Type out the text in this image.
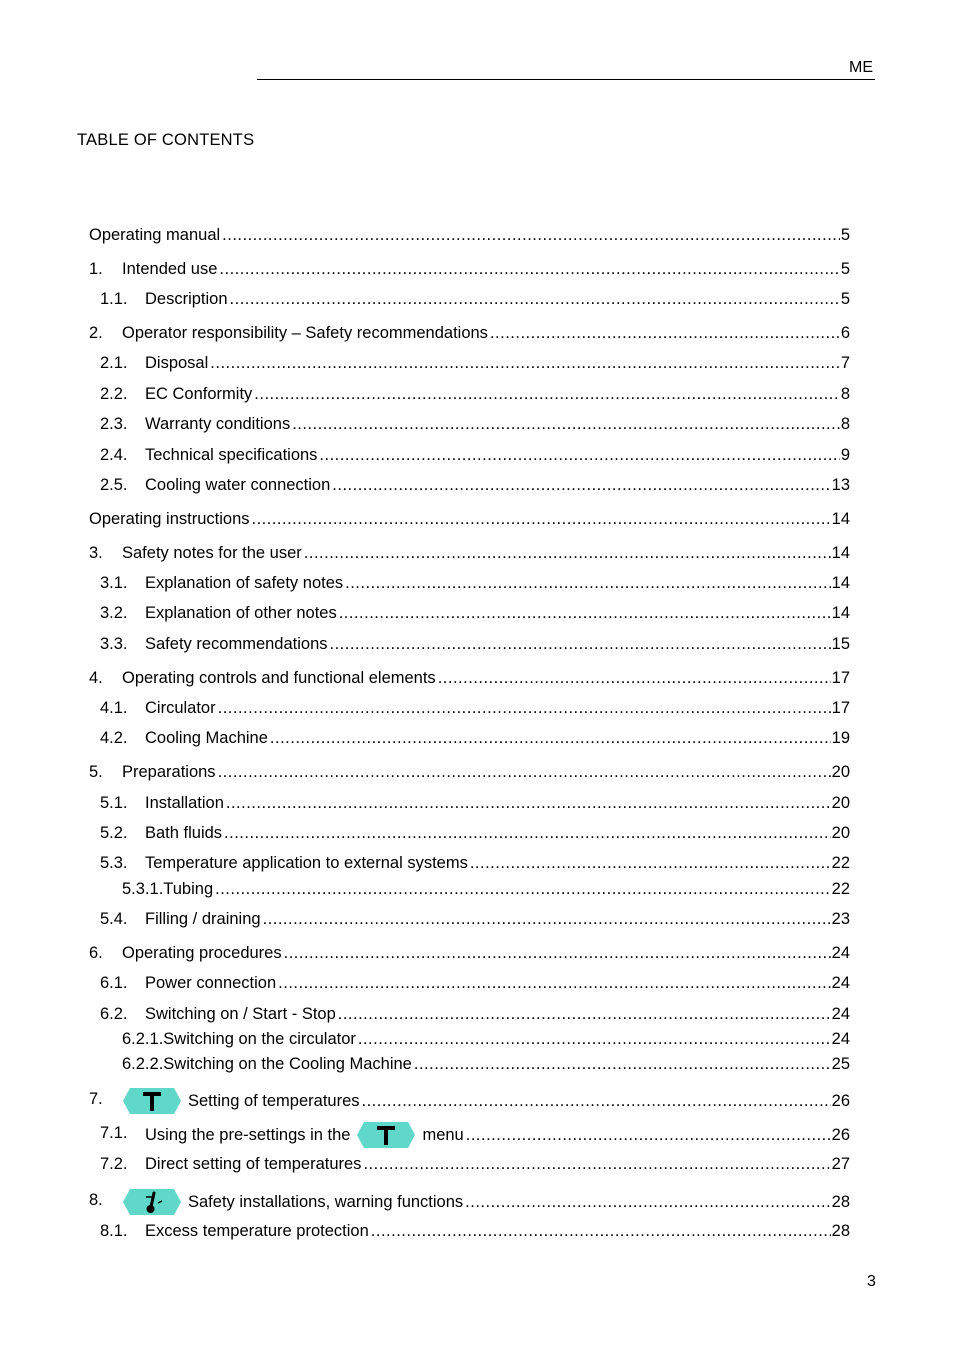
ME
TABLE OF CONTENTS
Operating manual .....	5
1. Intended use .....	5
1.1. Description .....	5
2. Operator responsibility – Safety recommendations .....	6
2.1. Disposal .....	7
2.2. EC Conformity .....	8
2.3. Warranty conditions .....	8
2.4. Technical specifications .....	9
2.5. Cooling water connection .....	13
Operating instructions .....	14
3. Safety notes for the user .....	14
3.1. Explanation of safety notes .....	14
3.2. Explanation of other notes .....	14
3.3. Safety recommendations .....	15
4. Operating controls and functional elements .....	17
4.1. Circulator .....	17
4.2. Cooling Machine .....	19
5. Preparations .....	20
5.1. Installation .....	20
5.2. Bath fluids .....	20
5.3. Temperature application to external systems .....	22
5.3.1.Tubing .....	22
5.4. Filling / draining .....	23
6. Operating procedures .....	24
6.1. Power connection .....	24
6.2. Switching on / Start - Stop .....	24
6.2.1.Switching on the circulator .....	24
6.2.2.Switching on the Cooling Machine .....	25
7.	Setting of temperatures .....	26
7.1. Using the pre-settings in the	menu .....	26
7.2. Direct setting of temperatures .....	27
8.	Safety installations, warning functions .....	28
8.1. Excess temperature protection .....	28
3
